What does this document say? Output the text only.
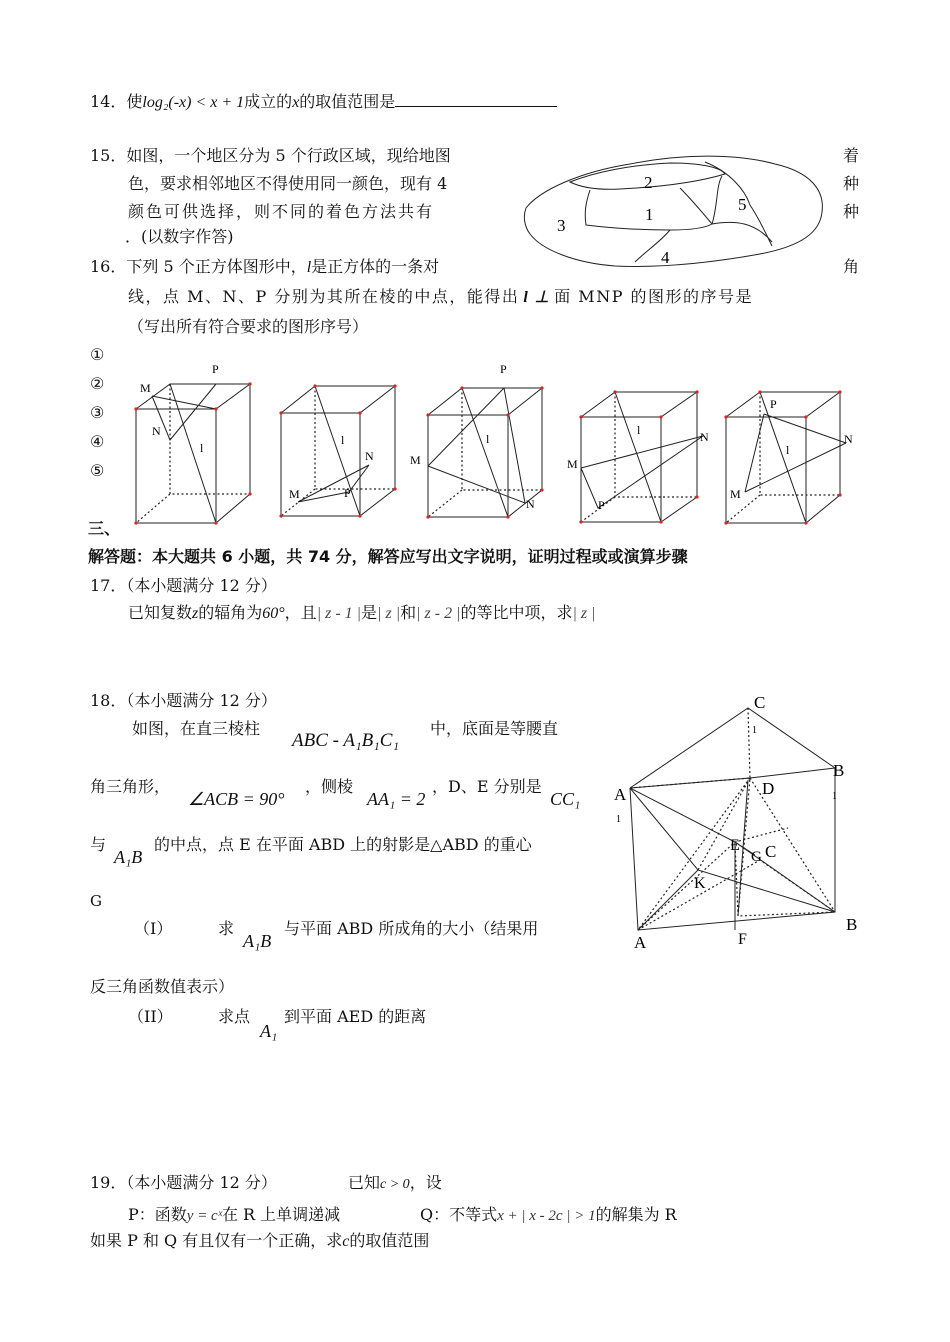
14．使log₂(‑x) < x + 1成立的x的取值范围是
15．如图，一个地区分为 5 个行政区域，现给地图	着
色，要求相邻地区不得使用同一颜色，现有 4	种
颜色可供选择，则不同的着色方法共有	种
．(以数字作答)
2
1
3
4
5
16．下列 5 个正方体图形中，l是正方体的一条对	角
线，点 M、N、P 分别为其所在棱的中点，能得出 l ⊥ 面 MNP 的图形的序号是
（写出所有符合要求的图形序号）
①
②
③
④
⑤
M
P
N
l
M
N
P
l
M
P
N
l
M
N
P
l
P
N
M
l
三、
解答题：本大题共 6 小题，共 74 分，解答应写出文字说明，证明过程或或演算步骤
17．（本小题满分 12 分）
已知复数z的辐角为60°，且| z ‑ 1 |是| z |和| z ‑ 2 |的等比中项，求| z |
18．（本小题满分 12 分）
如图，在直三棱柱
ABC ‑ A₁B₁C₁
中，底面是等腰直
角三角形，
∠ACB = 90°
，侧棱
AA₁ = 2
，D、E 分别是
CC₁
与
A₁B
的中点，点 E 在平面 ABD 上的射影是△ABD 的重心
G
（I）	求
A₁B
与平面 ABD 所成角的大小（结果用
反三角函数值表示）
（II）	求点
A₁
到平面 AED 的距离
C
1
B
1
A
1
D
E
G C
K
A	F
B
19．（本小题满分 12 分）	已知c > 0，设
P：函数y = cˣ在 R 上单调递减	Q：不等式x + | x ‑ 2c | > 1的解集为 R
如果 P 和 Q 有且仅有一个正确，求c的取值范围
